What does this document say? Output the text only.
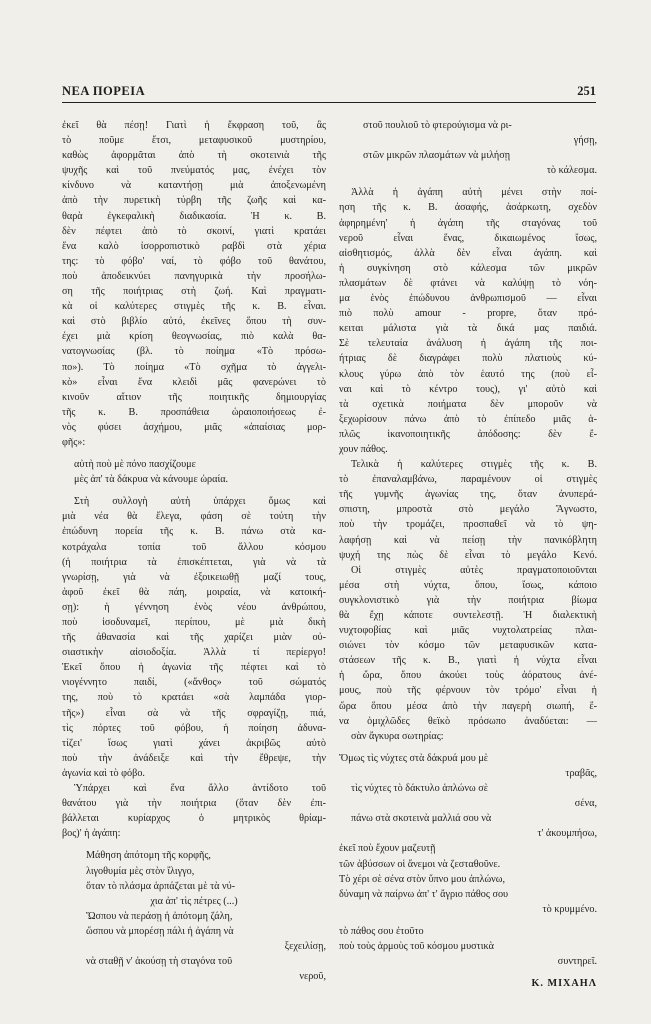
ΝΕΑ ΠΟΡΕΙΑ	251
ἐκεῖ θὰ πέσῃ! Γιατὶ ἡ ἔκφραση τοῦ, ἂς
τὸ ποῦμε ἔτσι, μεταφυσικοῦ μυστηρίου,
καθὼς ἀφορμᾶται ἀπὸ τὴ σκοτεινιὰ τῆς
ψυχῆς καὶ τοῦ πνεύματός μας, ἐνέχει τὸν
κίνδυνο νὰ καταντήσῃ μιὰ ἀποξενωμένη
ἀπὸ τὴν πυρετικὴ τύρβη τῆς ζωῆς καὶ κα-
θαρὰ ἐγκεφαλικὴ διαδικασία. Ἡ κ. Β.
δὲν πέφτει ἀπὸ τὸ σκοινί, γιατὶ κρατάει
ἕνα καλὸ ἰσορροπιστικὸ ραβδὶ στὰ χέρια
της: τὸ φόβο' ναί, τὸ φόβο τοῦ θανάτου,
ποὺ ἀποδεικνύει πανηγυρικὰ τὴν προσήλω-
ση τῆς ποιήτριας στὴ ζωή. Καὶ πραγματι-
κὰ οἱ καλύτερες στιγμὲς τῆς κ. Β. εἶναι.
καὶ στὸ βιβλίο αὐτό, ἐκεῖνες ὅπου τὴ συν-
έχει μιὰ κρίση θεογνωσίας, πιὸ καλὰ θα-
νατογνωσίας (βλ. τὸ ποίημα «Τὸ πρόσω-
πο»). Τὸ ποίημα «Τὸ σχῆμα τὸ ἀγγελι-
κὸ» εἶναι ἕνα κλειδὶ μᾶς φανερώνει τὸ
κινοῦν αἴτιον τῆς ποιητικῆς δημιουργίας
τῆς κ. Β. προσπάθεια ὡραιοποιήσεως ἐ-
νὸς φύσει ἀσχήμου, μιᾶς «ἀπαίσιας μορ-
φῆς»:
αὐτὴ ποὺ μὲ πόνο πασχίζουμε
μὲς ἀπ' τὰ δάκρυα νὰ κάνουμε ὡραία.
Στὴ συλλογὴ αὐτὴ ὑπάρχει ὅμως καὶ
μιὰ νέα θὰ ἔλεγα, φάση σὲ τούτη τὴν
ἐπώδυνη πορεία τῆς κ. Β. πάνω στὰ κα-
κοτράχαλα τοπία τοῦ ἄλλου κόσμου
(ἡ ποιήτρια τὰ ἐπισκέπτεται, γιὰ νὰ τὰ
γνωρίσῃ, γιὰ νὰ ἐξοικειωθῇ μαζί τους,
ἀφοῦ ἐκεῖ θὰ πάη, μοιραία, νὰ κατοική-
σῃ): ἡ γέννηση ἑνὸς νέου ἀνθρώπου,
ποὺ ἰσοδυναμεῖ, περίπου, μὲ μιὰ δικὴ
τῆς ἀθανασία καὶ τῆς χαρίζει μιὰν οὐ-
σιαστικὴν αἰσιοδοξία. Ἀλλὰ τί περίεργο!
Ἐκεῖ ὅπου ἡ ἀγωνία τῆς πέφτει καὶ τὸ
νιογέννητο παιδί, («ἄνθος» τοῦ σώματός
της, ποὺ τὸ κρατάει «σὰ λαμπάδα γιορ-
τῆς») εἶναι σὰ νὰ τῆς σφραγίζῃ, πιά,
τὶς πόρτες τοῦ φόβου, ἡ ποίηση ἀδυνα-
τίζει' ἴσως γιατὶ χάνει ἀκριβῶς αὐτὸ
ποὺ τὴν ἀνάδειξε καὶ τὴν ἔθρεψε, τὴν
ἀγωνία καὶ τὸ φόβο.
Ὑπάρχει καὶ ἕνα ἄλλο ἀντίδοτο τοῦ
θανάτου γιὰ τὴν ποιήτρια (ὅταν δὲν ἐπι-
βάλλεται κυρίαρχος ὁ μητρικὸς θρίαμ-
βος)' ἡ ἀγάπη:
Μάθηση ἀπότομη τῆς κορφῆς,
λιγοθυμία μὲς στὸν ἴλιγγο,
ὅταν τὸ πλάσμα ἁρπάζεται μὲ τὰ νύ-
χια ἀπ' τὶς πέτρες (...)
Ὥσπου νὰ περάσῃ ἡ ἀπότομη ζάλη,
ὥσπου νὰ μπορέσῃ πάλι ἡ ἀγάπη νὰ
ξεχειλίσῃ,
νὰ σταθῇ ν' ἀκούσῃ τὴ σταγόνα τοῦ
νεροῦ,
στοῦ πουλιοῦ τὸ φτερούγισμα νὰ ρι-
γήσῃ,
στῶν μικρῶν πλασμάτων νὰ μιλήσῃ
τὸ κάλεσμα.
Ἀλλὰ ἡ ἀγάπη αὐτὴ μένει στὴν ποί-
ηση τῆς κ. Β. ἀσαφής, ἀσάρκωτη, σχεδὸν
ἀφηρημένη' ἡ ἀγάπη τῆς σταγόνας τοῦ
νεροῦ εἶναι ἕνας, δικαιωμένος ἴσως,
αἰσθητισμός, ἀλλὰ δὲν εἶναι ἀγάπη. καὶ
ἡ συγκίνηση στὸ κάλεσμα τῶν μικρῶν
πλασμάτων δὲ φτάνει νὰ καλύψῃ τὸ νόη-
μα ἑνὸς ἐπώδυνου ἀνθρωπισμοῦ — εἶναι
πιὸ πολὺ amour - propre, ὅταν πρό-
κειται μάλιστα γιὰ τὰ δικά μας παιδιά.
Σὲ τελευταία ἀνάλυση ἡ ἀγάπη τῆς ποι-
ήτριας δὲ διαγράφει πολὺ πλατιοὺς κύ-
κλους γύρω ἀπὸ τὸν ἑαυτό της (ποὺ εἶ-
ναι καὶ τὸ κέντρο τους), γι' αὐτὸ καὶ
τὰ σχετικὰ ποιήματα δὲν μποροῦν νὰ
ξεχωρίσουν πάνω ἀπὸ τὸ ἐπίπεδο μιᾶς ἁ-
πλῶς ἱκανοποιητικῆς ἀπόδοσης: δὲν ἔ-
χουν πάθος.
Τελικὰ ἡ καλύτερες στιγμὲς τῆς κ. Β.
τὸ ἐπαναλαμβάνω, παραμένουν οἱ στιγμὲς
τῆς γυμνῆς ἀγωνίας της, ὅταν ἀνυπερά-
σπιστη, μπροστὰ στὸ μεγάλο Ἄγνωστο,
ποὺ τὴν τρομάζει, προσπαθεῖ νὰ τὸ ψη-
λαφήσῃ καὶ νὰ πείσῃ τὴν πανικόβλητη
ψυχή της πὼς δὲ εἶναι τὸ μεγάλο Κενό.
Οἱ στιγμὲς αὐτὲς πραγματοποιοῦνται
μέσα στὴ νύχτα, ὅπου, ἴσως, κάποιο
συγκλονιστικὸ γιὰ τὴν ποιήτρια βίωμα
θὰ ἔχῃ κάποτε συντελεστῇ. Ἡ διαλεκτικὴ
νυχτοφοβίας καὶ μιᾶς νυχτολατρείας πλαι-
σιώνει τὸν κόσμο τῶν μεταφυσικῶν κατα-
στάσεων τῆς κ. Β., γιατὶ ἡ νύχτα εἶναι
ἡ ὥρα, ὅπου ἀκούει τοὺς ἀόρατους ἀνέ-
μους, ποὺ τῆς φέρνουν τὸν τρόμο' εἶναι ἡ
ὥρα ὅπου μέσα ἀπὸ τὴν παγερὴ σιωπή, ἕ-
να ὁμιχλῶδες θεϊκὸ πρόσωπο ἀναδύεται: —
σὰν ἄγκυρα σωτηρίας:
Ὅμως τὶς νύχτες στὰ δάκρυά μου μὲ
τραβᾶς,
τὶς νύχτες τὸ δάκτυλο ἁπλώνω σὲ
σένα,
πάνω στὰ σκοτεινὰ μαλλιά σου νὰ
τ' ἀκουμπήσω,
ἐκεῖ ποὺ ἔχουν μαζευτῇ
τῶν ἀβύσσων οἱ ἄνεμοι νὰ ζεσταθοῦνε.
Τὸ χέρι σὲ σένα στὸν ὕπνο μου ἁπλώνω,
δύναμη νὰ παίρνω ἀπ' τ' ἄγριο πάθος σου
τὸ κρυμμένο.
τὸ πάθος σου ἐτοῦτο
ποὺ τοὺς ἁρμοὺς τοῦ κόσμου μυστικὰ
συντηρεῖ.
Κ. ΜΙΧΑΗΛ
